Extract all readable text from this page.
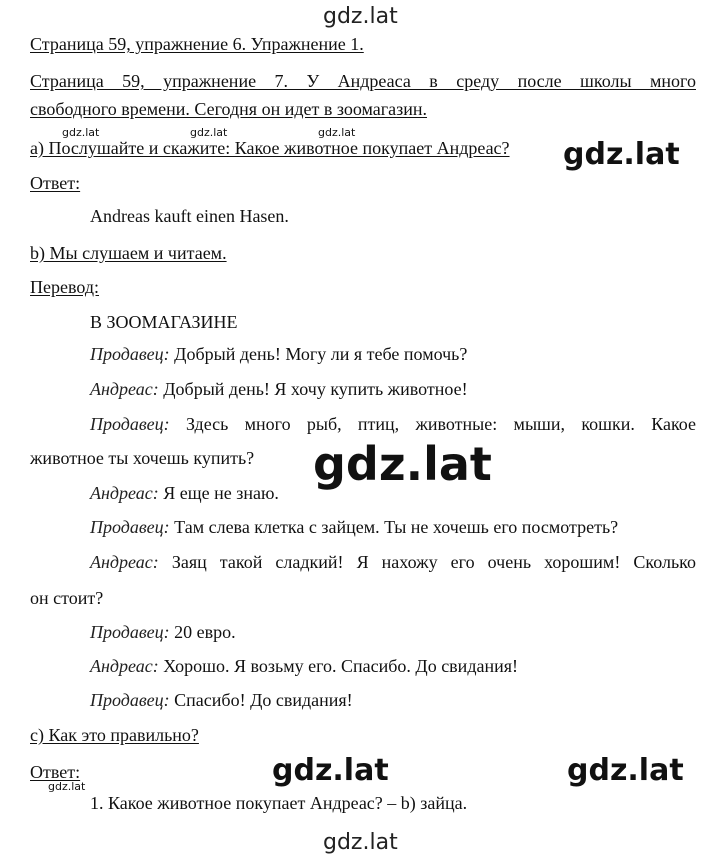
gdz.lat
gdz.lat	gdz.lat	gdz.lat
gdz.lat
gdz.lat
gdz.lat	gdz.lat
gdz.lat
gdz.lat
Страница 59, упражнение 6. Упражнение 1.
Страница 59, упражнение 7. У Андреаса в среду после школы много
свободного времени. Сегодня он идет в зоомагазин.
а) Послушайте и скажите: Какое животное покупает Андреас?
Ответ:
Andreas kauft einen Hasen.
b) Мы слушаем и читаем.
Перевод:
В ЗООМАГАЗИНЕ
Продавец: Добрый день! Могу ли я тебе помочь?
Андреас: Добрый день! Я хочу купить животное!
Продавец: Здесь много рыб, птиц, животные: мыши, кошки. Какое
животное ты хочешь купить?
Андреас: Я еще не знаю.
Продавец: Там слева клетка с зайцем. Ты не хочешь его посмотреть?
Андреас: Заяц такой сладкий! Я нахожу его очень хорошим! Сколько
он стоит?
Продавец: 20 евро.
Андреас: Хорошо. Я возьму его. Спасибо. До свидания!
Продавец: Спасибо! До свидания!
c) Как это правильно?
Ответ:
1. Какое животное покупает Андреас? – b) зайца.
